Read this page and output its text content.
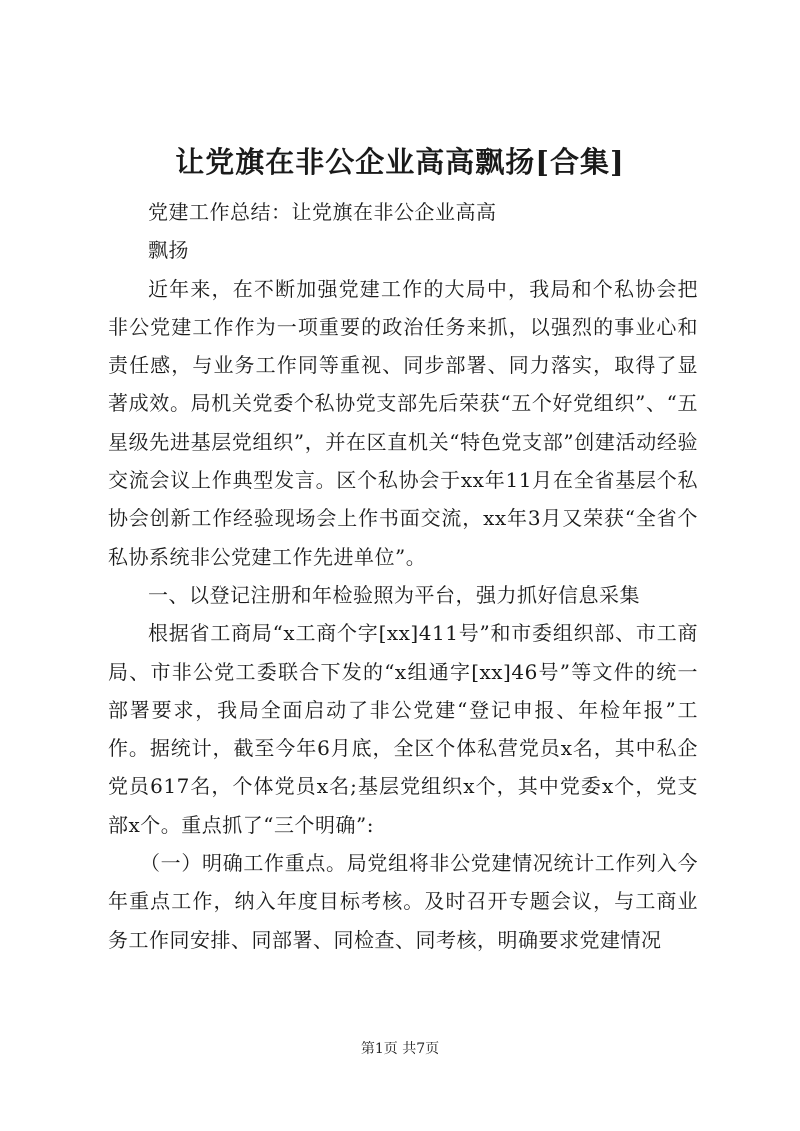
让党旗在非公企业高高飘扬[合集]

党建工作总结：让党旗在非公企业高高

飘扬

近年来，在不断加强党建工作的大局中，我局和个私协会把非公党建工作作为一项重要的政治任务来抓，以强烈的事业心和责任感，与业务工作同等重视、同步部署、同力落实，取得了显著成效。局机关党委个私协党支部先后荣获“五个好党组织”、“五星级先进基层党组织”，并在区直机关“特色党支部”创建活动经验交流会议上作典型发言。区个私协会于xx年11月在全省基层个私协会创新工作经验现场会上作书面交流，xx年3月又荣获“全省个私协系统非公党建工作先进单位”。

一、以登记注册和年检验照为平台，强力抓好信息采集

根据省工商局“x工商个字[xx]411号”和市委组织部、市工商局、市非公党工委联合下发的“x组通字[xx]46号”等文件的统一部署要求，我局全面启动了非公党建“登记申报、年检年报”工作。据统计，截至今年6月底，全区个体私营党员x名，其中私企党员617名，个体党员x名;基层党组织x个，其中党委x个，党支部x个。重点抓了“三个明确”:

（一）明确工作重点。局党组将非公党建情况统计工作列入今年重点工作，纳入年度目标考核。及时召开专题会议，与工商业务工作同安排、同部署、同检查、同考核，明确要求党建情况

第1页 共7页
